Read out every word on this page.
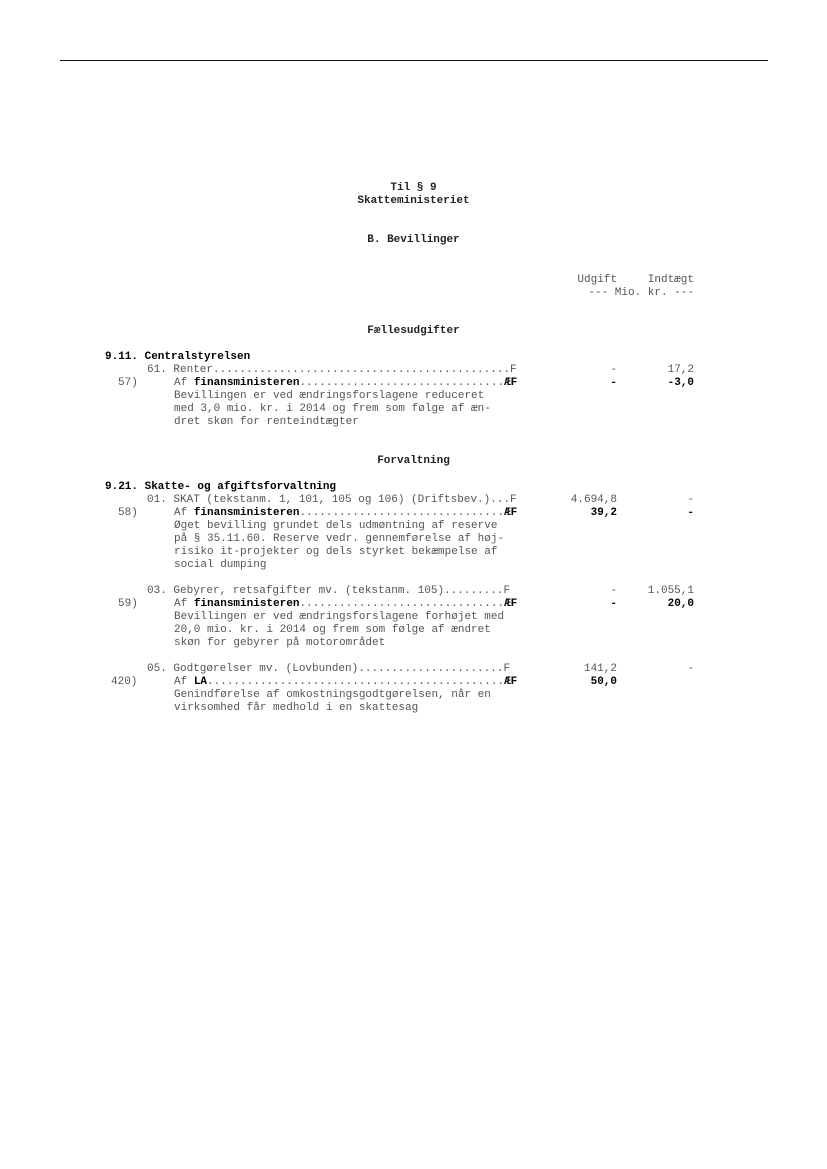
Til § 9
Skatteministeriet
B. Bevillinger
Udgift	Indtægt
--- Mio. kr. ---
Fællesudgifter
9.11. Centralstyrelsen
61. Renter.............................................F	-	17,2
57)	Af finansministeren...............................ÆF	-	-3,0
Bevillingen er ved ændringsforslagene reduceret
med 3,0 mio. kr. i 2014 og frem som følge af æn-
dret skøn for renteindtægter
Forvaltning
9.21. Skatte- og afgiftsforvaltning
01. SKAT (tekstanm. 1, 101, 105 og 106) (Driftsbev.)...F	4.694,8	-
58)	Af finansministeren...............................ÆF	39,2	-
Øget bevilling grundet dels udmøntning af reserve
på § 35.11.60. Reserve vedr. gennemførelse af høj-
risiko it-projekter og dels styrket bekæmpelse af
social dumping
03. Gebyrer, retsafgifter mv. (tekstanm. 105).........F	-	1.055,1
59)	Af finansministeren...............................ÆF	-	20,0
Bevillingen er ved ændringsforslagene forhøjet med
20,0 mio. kr. i 2014 og frem som følge af ændret
skøn for gebyrer på motorområdet
05. Godtgørelser mv. (Lovbunden)......................F	141,2	-
420)	Af LA.............................................ÆF	50,0
Genindførelse af omkostningsgodtgørelsen, når en
virksomhed får medhold i en skattesag
